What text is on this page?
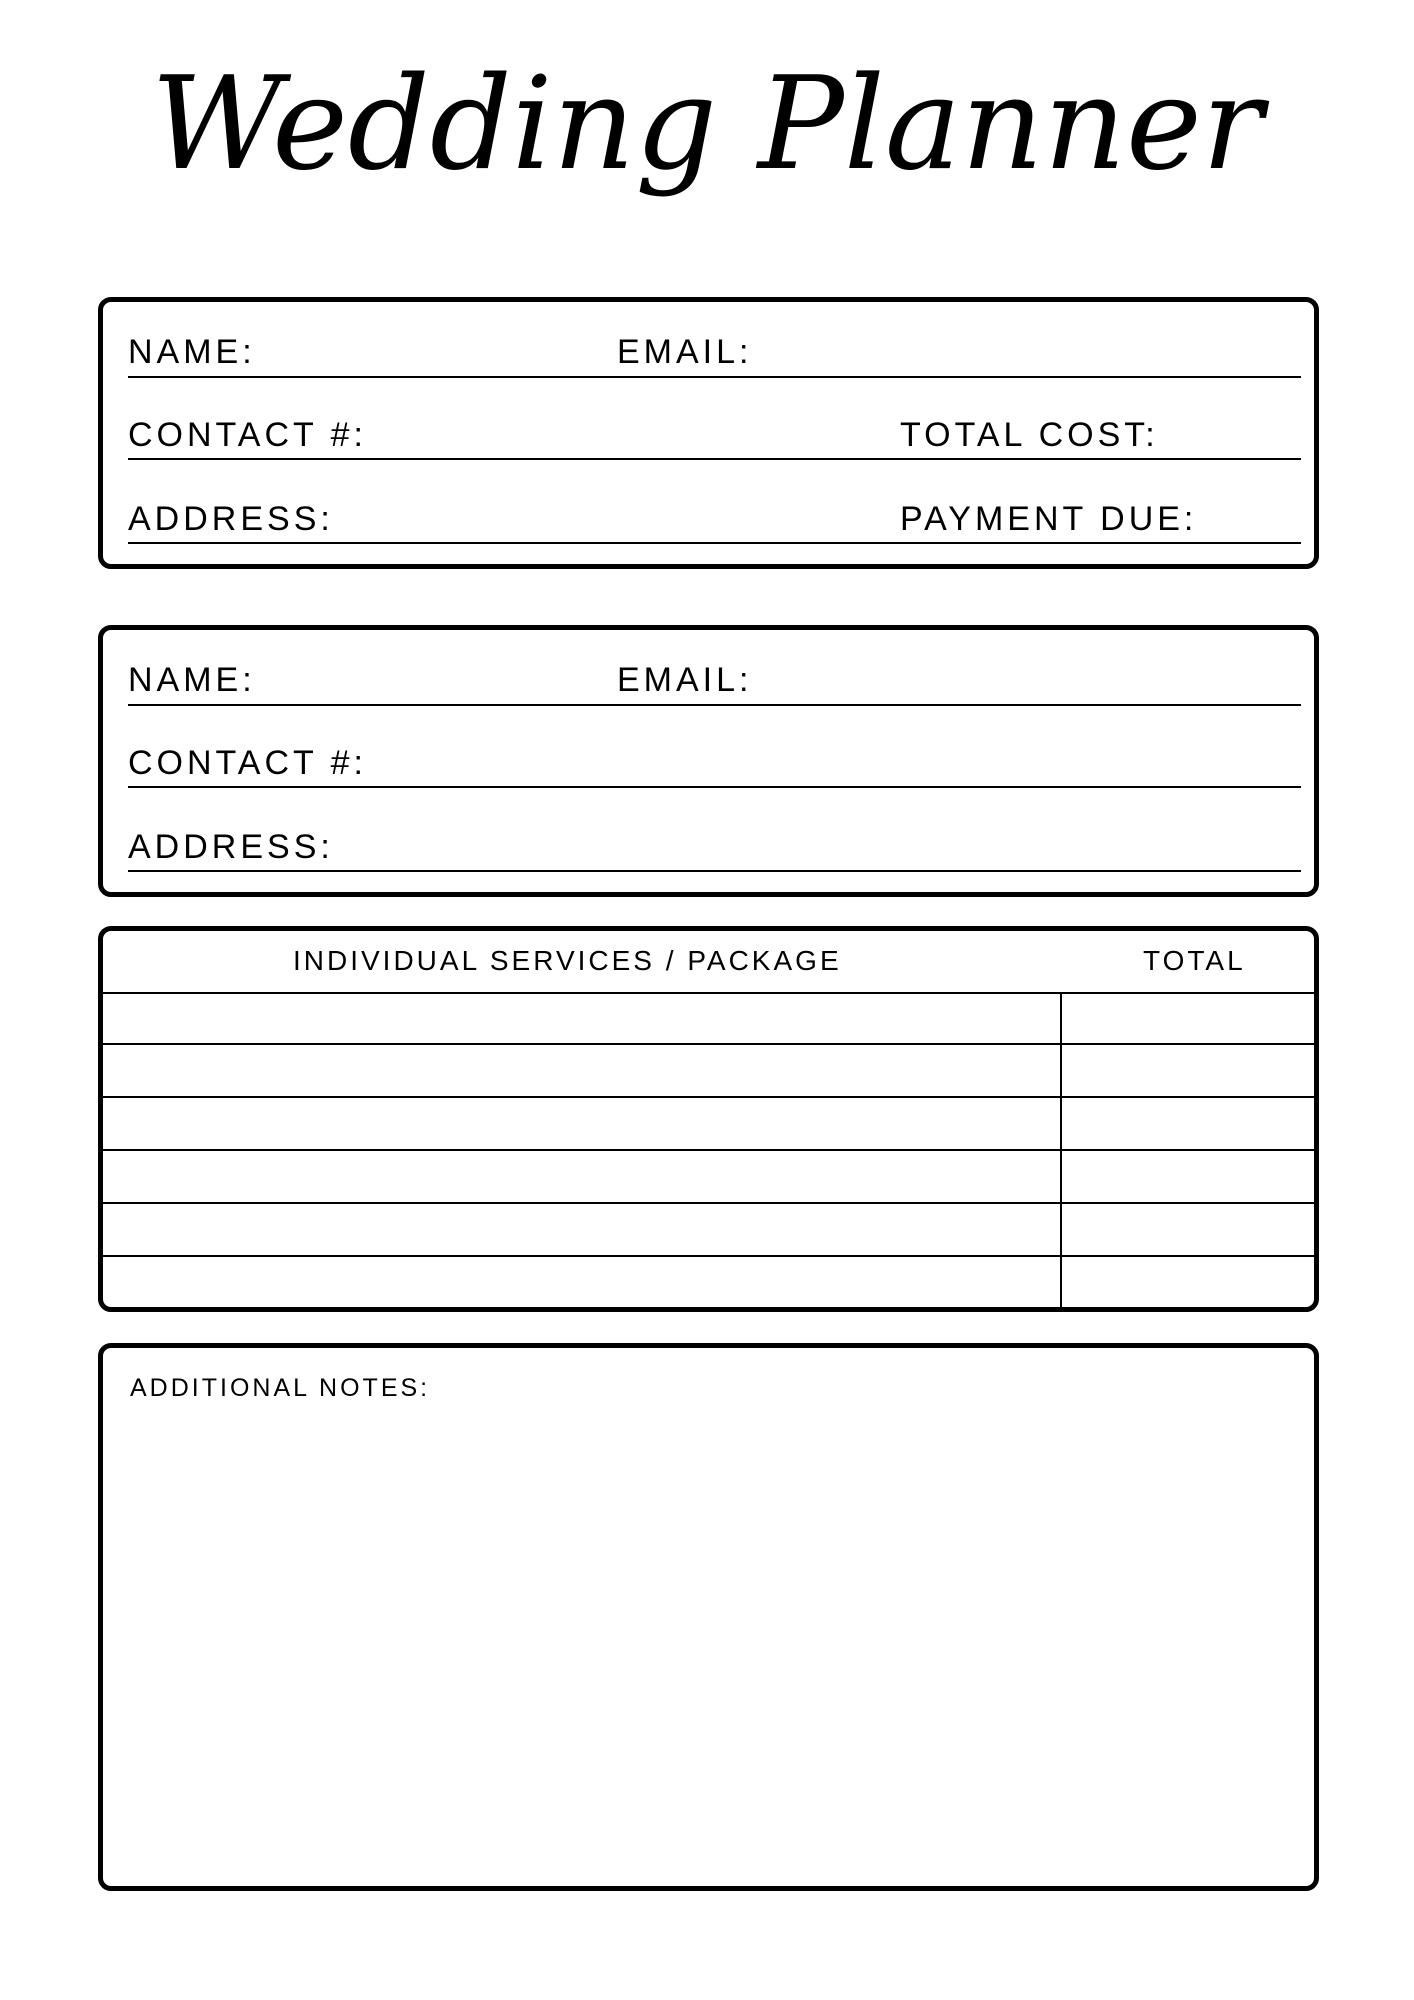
Wedding Planner
NAME:	EMAIL:
CONTACT #:	TOTAL COST:
ADDRESS:	PAYMENT DUE:
NAME:	EMAIL:
CONTACT #:
ADDRESS:
INDIVIDUAL SERVICES / PACKAGE	TOTAL
ADDITIONAL NOTES:
